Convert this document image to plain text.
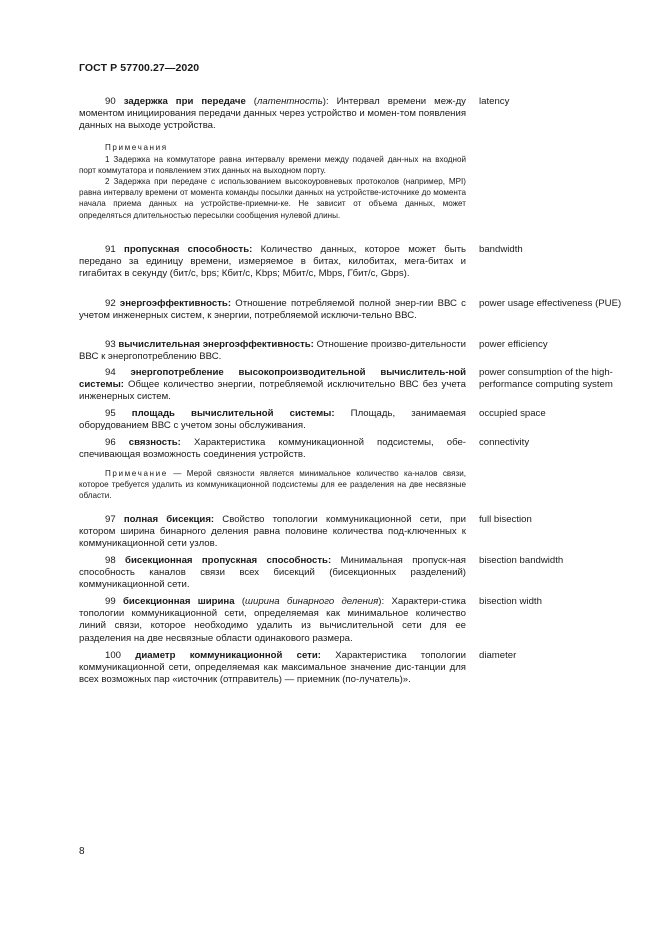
ГОСТ Р 57700.27—2020
90 задержка при передаче (латентность): Интервал времени меж-ду моментом инициирования передачи данных через устройство и момен-том появления данных на выходе устройства.
latency
Примечания
1 Задержка на коммутаторе равна интервалу времени между подачей дан-ных на входной порт коммутатора и появлением этих данных на выходном порту.
2 Задержка при передаче с использованием высокоуровневых протоколов (например, MPI) равна интервалу времени от момента команды посылки данных на устройстве-источнике до момента начала приема данных на устройстве-приемни-ке. Не зависит от объема данных, может определяться длительностью пересылки сообщения нулевой длины.
91 пропускная способность: Количество данных, которое может быть передано за единицу времени, измеряемое в битах, килобитах, мега-битах и гигабитах в секунду (бит/с, bps; Кбит/с, Kbps; Мбит/с, Mbps, Гбит/с, Gbps).
bandwidth
92 энергоэффективность: Отношение потребляемой полной энер-гии ВВС с учетом инженерных систем, к энергии, потребляемой исключи-тельно ВВС.
power usage effectiveness (PUE)
93 вычислительная энергоэффективность: Отношение произво-дительности ВВС к энергопотреблению ВВС.
power efficiency
94 энергопотребление высокопроизводительной вычислитель-ной системы: Общее количество энергии, потребляемой исключительно ВВС без учета инженерных систем.
power consumption of the high-performance computing system
95 площадь вычислительной системы: Площадь, занимаемая оборудованием ВВС с учетом зоны обслуживания.
occupied space
96 связность: Характеристика коммуникационной подсистемы, обе-спечивающая возможность соединения устройств.
connectivity
Примечание — Мерой связности является минимальное количество ка-налов связи, которое требуется удалить из коммуникационной подсистемы для ее разделения на две несвязные области.
97 полная бисекция: Свойство топологии коммуникационной сети, при котором ширина бинарного деления равна половине количества под-ключенных к коммуникационной сети узлов.
full bisection
98 бисекционная пропускная способность: Минимальная пропуск-ная способность каналов связи всех бисекций (бисекционных разделений) коммуникационной сети.
bisection bandwidth
99 бисекционная ширина (ширина бинарного деления): Характери-стика топологии коммуникационной сети, определяемая как минимальное количество линий связи, которое необходимо удалить из вычислительной сети для ее разделения на две несвязные области одинакового размера.
bisection width
100 диаметр коммуникационной сети: Характеристика топологии коммуникационной сети, определяемая как максимальное значение дис-танции для всех возможных пар «источник (отправитель) — приемник (по-лучатель)».
diameter
8
